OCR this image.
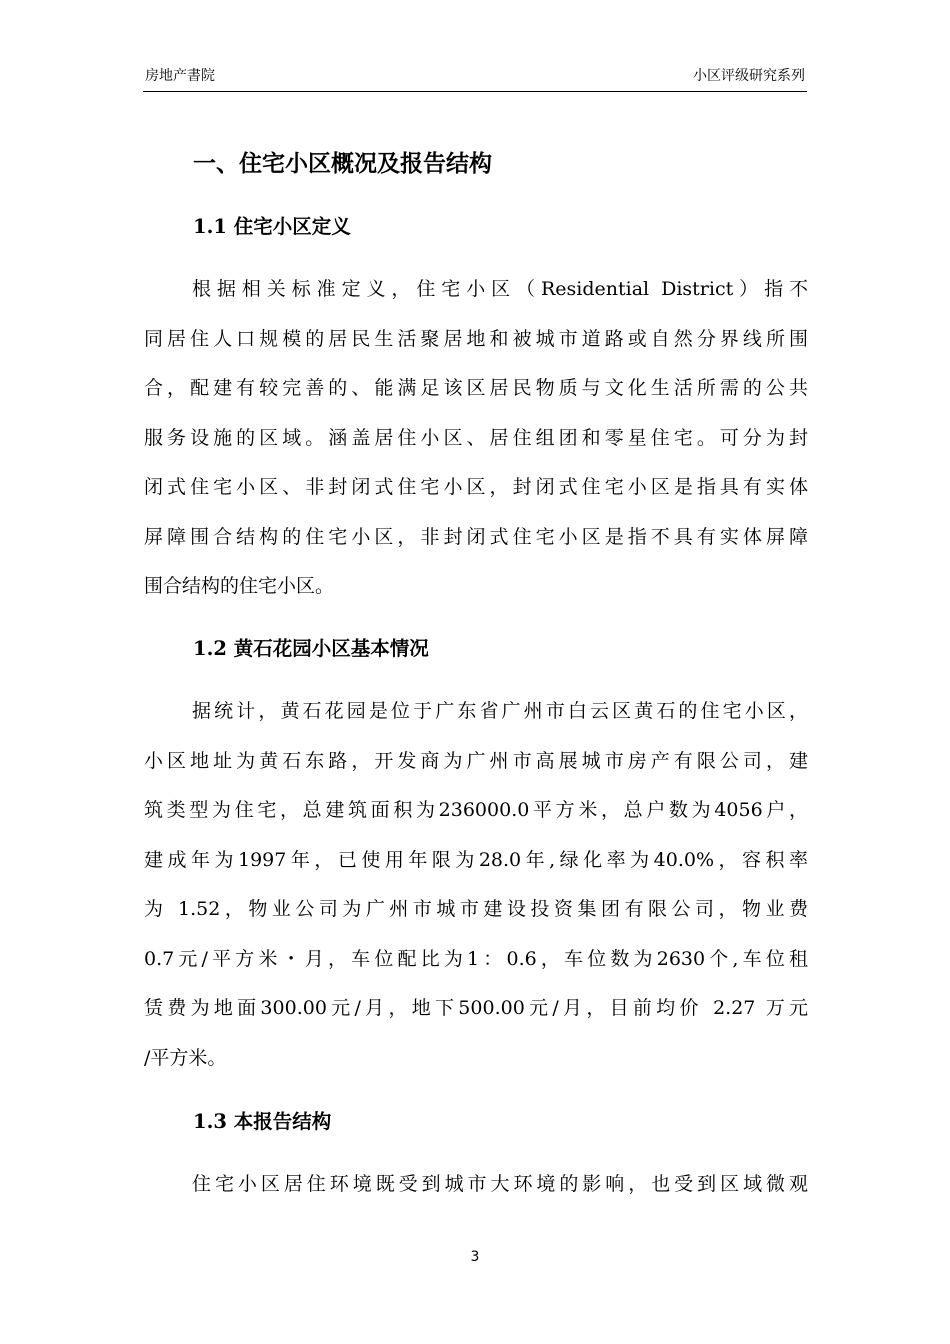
房地产書院	小区评级研究系列
一、住宅小区概况及报告结构
1.1 住宅小区定义
根据相关标准定义，住宅小区（Residential District）指不
同居住人口规模的居民生活聚居地和被城市道路或自然分界线所围
合，配建有较完善的、能满足该区居民物质与文化生活所需的公共
服务设施的区域。涵盖居住小区、居住组团和零星住宅。可分为封
闭式住宅小区、非封闭式住宅小区，封闭式住宅小区是指具有实体
屏障围合结构的住宅小区，非封闭式住宅小区是指不具有实体屏障
围合结构的住宅小区。
1.2 黄石花园小区基本情况
据统计，黄石花园是位于广东省广州市白云区黄石的住宅小区，
小区地址为黄石东路，开发商为广州市高展城市房产有限公司，建
筑类型为住宅，总建筑面积为236000.0平方米，总户数为4056户，
建成年为1997年，已使用年限为28.0年,绿化率为40.0%，容积率
为 1.52，物业公司为广州市城市建设投资集团有限公司，物业费
0.7元/平方米・月，车位配比为1：0.6，车位数为2630个,车位租
赁费为地面300.00元/月，地下500.00元/月，目前均价 2.27 万元
/平方米。
1.3 本报告结构
住宅小区居住环境既受到城市大环境的影响，也受到区域微观
3
